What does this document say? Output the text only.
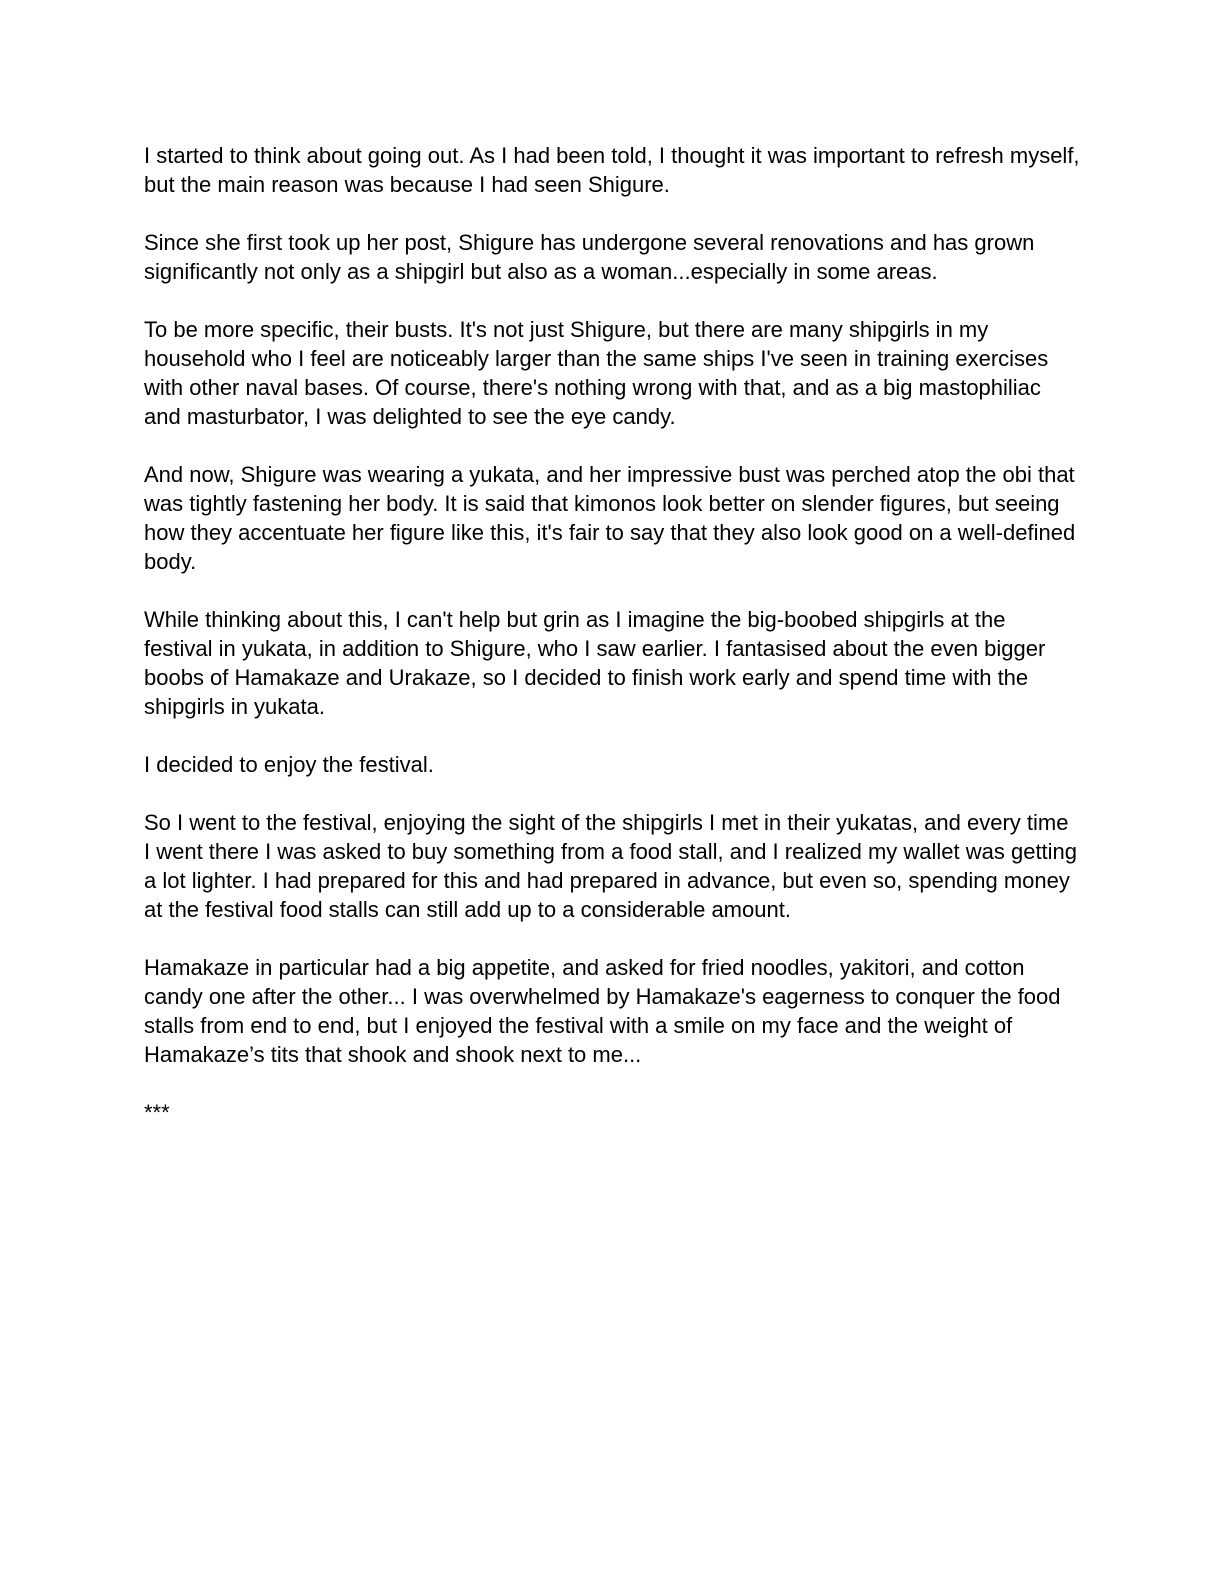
I started to think about going out. As I had been told, I thought it was important to refresh myself, but the main reason was because I had seen Shigure.

Since she first took up her post, Shigure has undergone several renovations and has grown significantly not only as a shipgirl but also as a woman...especially in some areas.

To be more specific, their busts. It's not just Shigure, but there are many shipgirls in my household who I feel are noticeably larger than the same ships I've seen in training exercises with other naval bases. Of course, there's nothing wrong with that, and as a big mastophiliac and masturbator, I was delighted to see the eye candy.

And now, Shigure was wearing a yukata, and her impressive bust was perched atop the obi that was tightly fastening her body. It is said that kimonos look better on slender figures, but seeing how they accentuate her figure like this, it's fair to say that they also look good on a well-defined body.

While thinking about this, I can't help but grin as I imagine the big-boobed shipgirls at the festival in yukata, in addition to Shigure, who I saw earlier. I fantasised about the even bigger boobs of Hamakaze and Urakaze, so I decided to finish work early and spend time with the shipgirls in yukata.

I decided to enjoy the festival.

So I went to the festival, enjoying the sight of the shipgirls I met in their yukatas, and every time I went there I was asked to buy something from a food stall, and I realized my wallet was getting a lot lighter. I had prepared for this and had prepared in advance, but even so, spending money at the festival food stalls can still add up to a considerable amount.

Hamakaze in particular had a big appetite, and asked for fried noodles, yakitori, and cotton candy one after the other... I was overwhelmed by Hamakaze's eagerness to conquer the food stalls from end to end, but I enjoyed the festival with a smile on my face and the weight of Hamakaze’s tits that shook and shook next to me...

***
